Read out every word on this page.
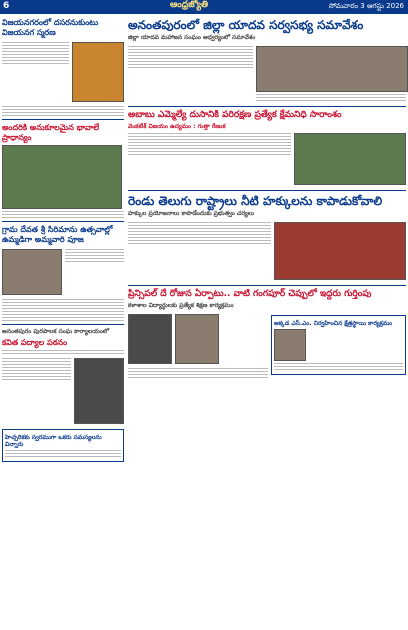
6	ఆంధ్రజ్యోతి	సోమవారం 3 ఆగస్టు 2026
విజయనగరంలో దసరనుకుంటు విజయనగ స్మరణ
అందరికి అనుకూలమైన భావాలే ప్రాధాన్యం
గ్రామ దేవత శ్రీ సిరిమాను ఉత్సవాల్లో ఉమ్మడిగా అమ్మవారి పూజ
అనంతపురం పురపాలక సంఘ కార్యాలయంలో
కవిత పద్యాల పఠనం
హెచ్చరికకు స్వరముగా ఒకరు సమస్యలను విన్నారు
అనంతపురంలో జిల్లా యాదవ సర్వసభ్య సమావేశం
జిల్లా యాదవ మహాజన సంఘం ఆధ్వర్యంలో సమావేశం
అబాబు ఎమ్మెల్యే దుసానికి పరిరక్షణ ప్రత్యేక క్షేమనిధి సారాంశం
వెంకటేశ్ విజయం ఉద్యమం : గుత్తా రేణుక
రెండు తెలుగు రాష్ట్రాలు నీటి హక్కులను కాపాడుకోవాలి
హక్కుల ప్రయోజనాలు కాపాడేందుకు ప్రభుత్వం చర్యలు
ప్రిన్సిపల్ దే రోజున ఏర్పాటు.. వాటి గంగపూర్ చెప్పులో ఇద్దరు గుర్తింపు
కళాశాల విద్యార్థులకు ప్రత్యేక శిక్షణ కార్యక్రమం
అక్కడ ఎస్.ఎం. నిర్వహించిన క్షేత్రస్థాయి కార్యక్రమం
